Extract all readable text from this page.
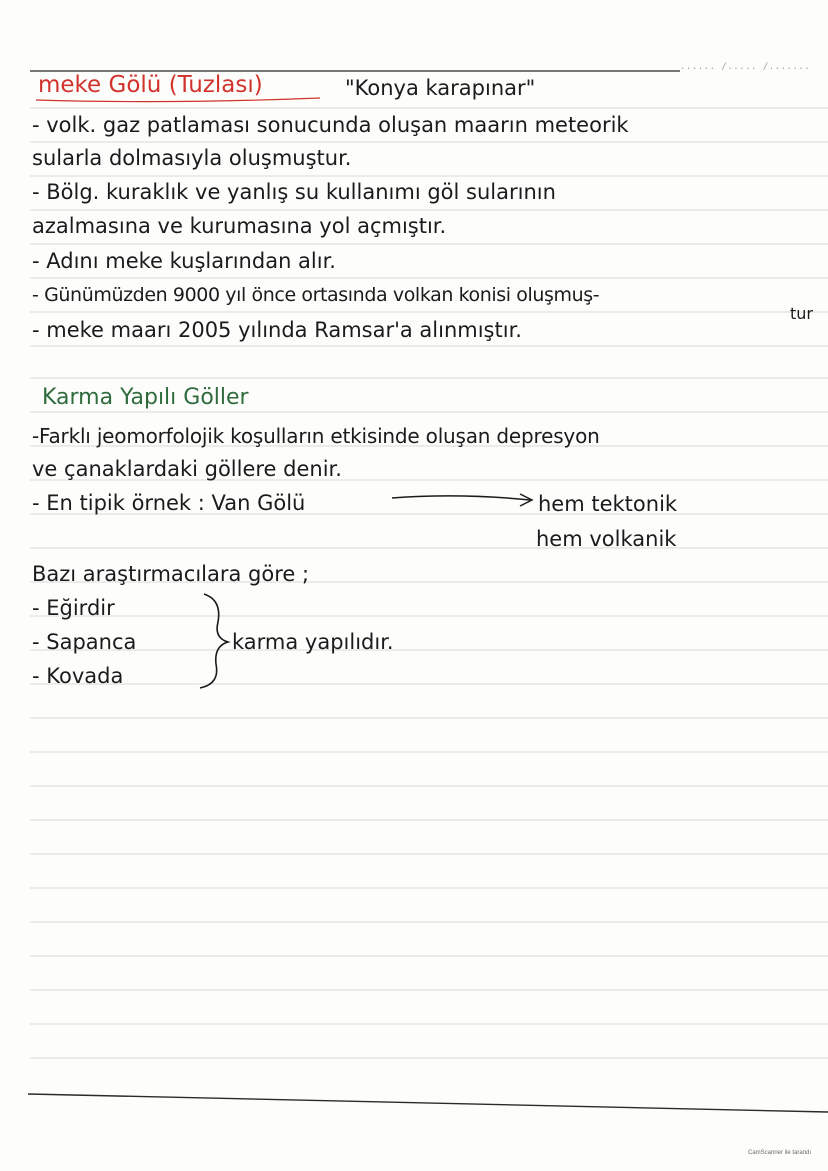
...... /..... /.......
meke Gölü (Tuzlası)	"Konya karapınar"
- volk. gaz patlaması sonucunda oluşan maarın meteorik
sularla dolmasıyla oluşmuştur.
- Bölg. kuraklık ve yanlış su kullanımı göl sularının
azalmasına ve kurumasına yol açmıştır.
- Adını meke kuşlarından alır.
- Günümüzden 9000 yıl önce ortasında volkan konisi oluşmuş-
tur
- meke maarı 2005 yılında Ramsar'a alınmıştır.
Karma Yapılı Göller
-Farklı jeomorfolojik koşulların etkisinde oluşan depresyon
ve çanaklardaki göllere denir.
- En tipik örnek : Van Gölü	hem tektonik
hem volkanik
Bazı araştırmacılara göre ;
- Eğirdir
- Sapanca
- Kovada
karma yapılıdır.
CamScanner ile tarandı
